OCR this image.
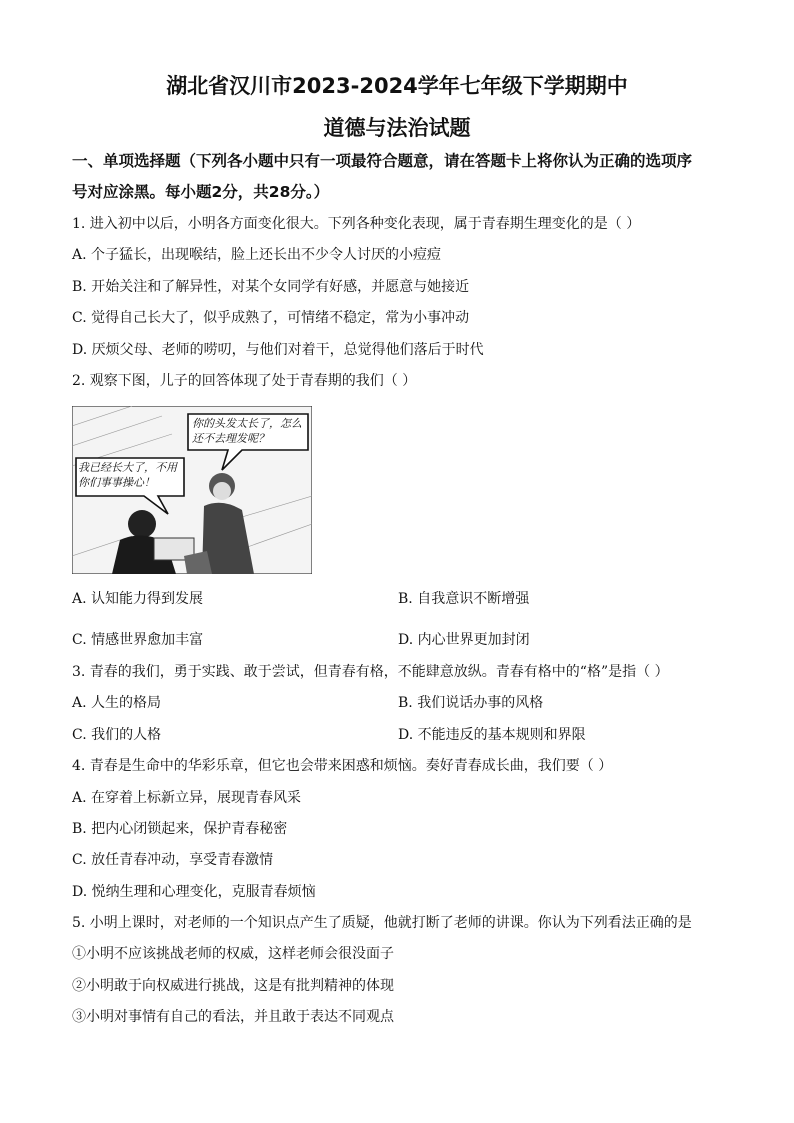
湖北省汉川市2023-2024学年七年级下学期期中
道德与法治试题
一、单项选择题（下列各小题中只有一项最符合题意，请在答题卡上将你认为正确的选项序
号对应涂黑。每小题2分，共28分。）
1. 进入初中以后，小明各方面变化很大。下列各种变化表现，属于青春期生理变化的是（ ）
A. 个子猛长，出现喉结，脸上还长出不少令人讨厌的小痘痘
B. 开始关注和了解异性，对某个女同学有好感，并愿意与她接近
C. 觉得自己长大了，似乎成熟了，可情绪不稳定，常为小事冲动
D. 厌烦父母、老师的唠叨，与他们对着干，总觉得他们落后于时代
2. 观察下图，儿子的回答体现了处于青春期的我们（ ）
你的头发太长了，怎么还不去理发呢？
我已经长大了，不用你们事事操心！
A. 认知能力得到发展	B. 自我意识不断增强
C. 情感世界愈加丰富	D. 内心世界更加封闭
3. 青春的我们，勇于实践、敢于尝试，但青春有格，不能肆意放纵。青春有格中的“格”是指（ ）
A. 人生的格局	B. 我们说话办事的风格
C. 我们的人格	D. 不能违反的基本规则和界限
4. 青春是生命中的华彩乐章，但它也会带来困惑和烦恼。奏好青春成长曲，我们要（ ）
A. 在穿着上标新立异，展现青春风采
B. 把内心闭锁起来，保护青春秘密
C. 放任青春冲动，享受青春激情
D. 悦纳生理和心理变化，克服青春烦恼
5. 小明上课时，对老师的一个知识点产生了质疑，他就打断了老师的讲课。你认为下列看法正确的是
①小明不应该挑战老师的权威，这样老师会很没面子
②小明敢于向权威进行挑战，这是有批判精神的体现
③小明对事情有自己的看法，并且敢于表达不同观点
